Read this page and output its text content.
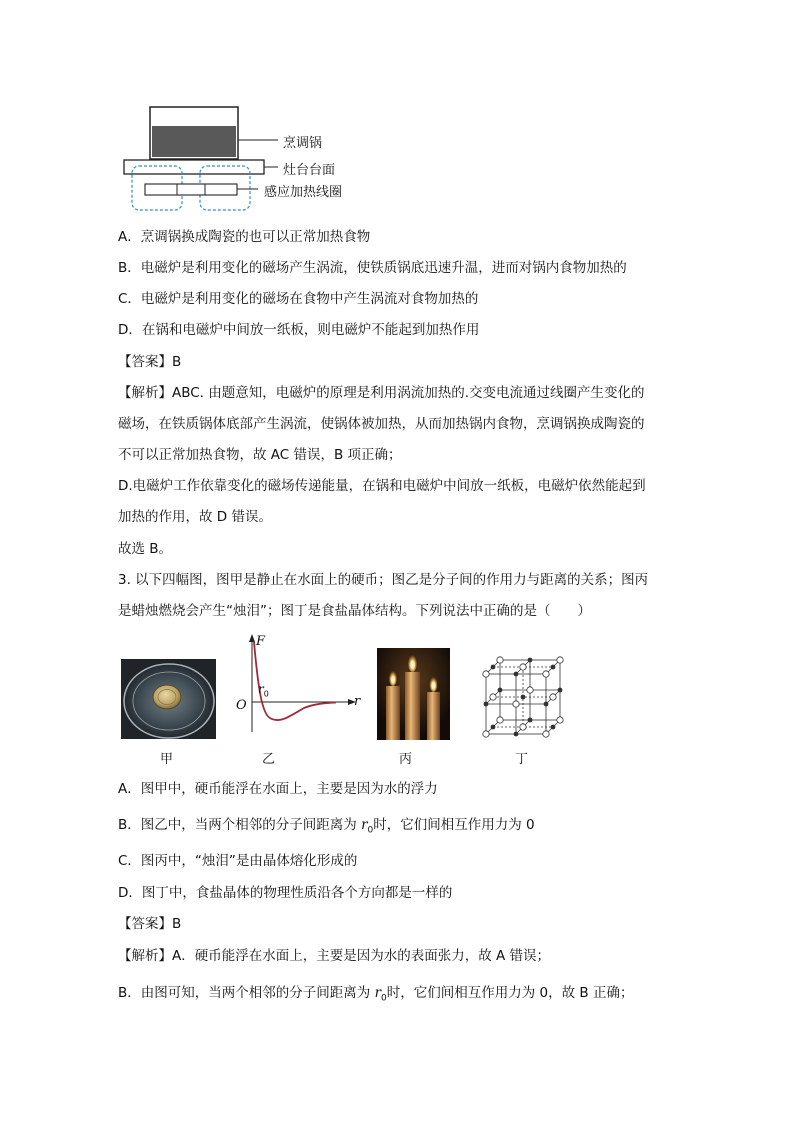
烹调锅
灶台台面
感应加热线圈
A．烹调锅换成陶瓷的也可以正常加热食物
B．电磁炉是利用变化的磁场产生涡流，使铁质锅底迅速升温，进而对锅内食物加热的
C．电磁炉是利用变化的磁场在食物中产生涡流对食物加热的
D．在锅和电磁炉中间放一纸板，则电磁炉不能起到加热作用
【答案】B
【解析】ABC. 由题意知，电磁炉的原理是利用涡流加热的.交变电流通过线圈产生变化的
磁场，在铁质锅体底部产生涡流，使锅体被加热，从而加热锅内食物，烹调锅换成陶瓷的
不可以正常加热食物，故 AC 错误，B 项正确；
D.电磁炉工作依靠变化的磁场传递能量，在锅和电磁炉中间放一纸板，电磁炉依然能起到
加热的作用，故 D 错误。
故选 B。
3. 以下四幅图，图甲是静止在水面上的硬币；图乙是分子间的作用力与距离的关系；图丙
是蜡烛燃烧会产生“烛泪”；图丁是食盐晶体结构。下列说法中正确的是（　　）
F
r
O
$r_0$
甲	乙	丙	丁
A．图甲中，硬币能浮在水面上，主要是因为水的浮力
B．图乙中，当两个相邻的分子间距离为 $r_0$时，它们间相互作用力为 0
C．图丙中，“烛泪”是由晶体熔化形成的
D．图丁中，食盐晶体的物理性质沿各个方向都是一样的
【答案】B
【解析】A．硬币能浮在水面上，主要是因为水的表面张力，故 A 错误；
B．由图可知，当两个相邻的分子间距离为 $r_0$时，它们间相互作用力为 0，故 B 正确；
